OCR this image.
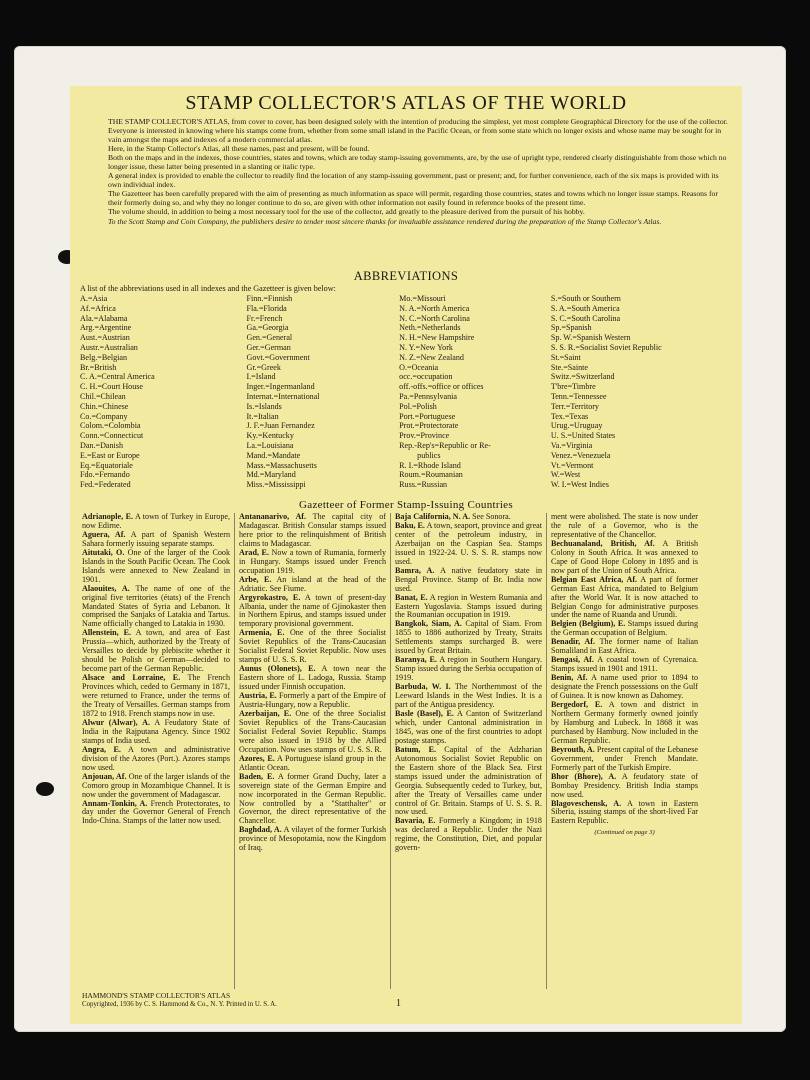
STAMP COLLECTOR'S ATLAS OF THE WORLD

THE STAMP COLLECTOR'S ATLAS, from cover to cover, has been designed solely with the intention of producing the simplest, yet most complete Geographical Directory for the use of the collector.

Everyone is interested in knowing where his stamps come from, whether from some small island in the Pacific Ocean, or from some state which no longer exists and whose name may be sought for in vain amongst the maps and indexes of a modern commercial atlas.

Here, in the Stamp Collector's Atlas, all these names, past and present, will be found.

Both on the maps and in the indexes, those countries, states and towns, which are today stamp-issuing governments, are, by the use of upright type, rendered clearly distinguishable from those which no longer issue, these latter being presented in a slanting or italic type.

A general index is provided to enable the collector to readily find the location of any stamp-issuing government, past or present; and, for further convenience, each of the six maps is provided with its own individual index.

The Gazetteer has been carefully prepared with the aim of presenting as much information as space will permit, regarding those countries, states and towns which no longer issue stamps. Reasons for their formerly doing so, and why they no longer continue to do so, are given with other information not easily found in reference books of the present time.

The volume should, in addition to being a most necessary tool for the use of the collector, add greatly to the pleasure derived from the pursuit of his hobby.

To the Scott Stamp and Coin Company, the publishers desire to tender most sincere thanks for invaluable assistance rendered during the preparation of the Stamp Collector's Atlas.

ABBREVIATIONS
A list of the abbreviations used in all indexes and the Gazetteer is given below:
A.=Asia
Af.=Africa
Ala.=Alabama
Arg.=Argentine
Aust.=Austrian
Austr.=Australian
Belg.=Belgian
Br.=British
C. A.=Central America
C. H.=Court House
Chil.=Chilean
Chin.=Chinese
Co.=Company
Colom.=Colombia
Conn.=Connecticut
Dan.=Danish
E.=East or Europe
Eq.=Equatoriale
Fdo.=Fernando
Fed.=Federated
Finn.=Finnish
Fla.=Florida
Fr.=French
Ga.=Georgia
Gen.=General
Ger.=German
Govt.=Government
Gr.=Greek
I.=Island
Inger.=Ingermanland
Internat.=International
Is.=Islands
It.=Italian
J. F.=Juan Fernandez
Ky.=Kentucky
La.=Louisiana
Mand.=Mandate
Mass.=Massachusetts
Md.=Maryland
Miss.=Mississippi
Mo.=Missouri
N. A.=North America
N. C.=North Carolina
Neth.=Netherlands
N. H.=New Hampshire
N. Y.=New York
N. Z.=New Zealand
O.=Oceania
occ.=occupation
off.-offs.=office or offices
Pa.=Pennsylvania
Pol.=Polish
Port.=Portuguese
Prot.=Protectorate
Prov.=Province
Rep.-Rep's=Republic or Re-
publics
R. I.=Rhode Island
Roum.=Roumanian
Russ.=Russian
S.=South or Southern
S. A.=South America
S. C.=South Carolina
Sp.=Spanish
Sp. W.=Spanish Western
S. S. R.=Socialist Soviet Republic
St.=Saint
Ste.=Sainte
Switz.=Switzerland
T'bre=Timbre
Tenn.=Tennessee
Terr.=Territory
Tex.=Texas
Urug.=Uruguay
U. S.=United States
Va.=Virginia
Venez.=Venezuela
Vt.=Vermont
W.=West
W. I.=West Indies
Gazetteer of Former Stamp-Issuing Countries

Adrianople, E. A town of Turkey in Europe, now Edirne.

Aguera, Af. A part of Spanish Western Sahara formerly issuing separate stamps.

Aitutaki, O. One of the larger of the Cook Islands in the South Pacific Ocean. The Cook Islands were annexed to New Zealand in 1901.

Alaouites, A. The name of one of the original five territories (états) of the French Mandated States of Syria and Lebanon. It comprised the Sanjaks of Latakia and Tartus. Name officially changed to Latakia in 1930.

Allenstein, E. A town, and area of East Prussia—which, authorized by the Treaty of Versailles to decide by plebiscite whether it should be Polish or German—decided to become part of the German Republic.

Alsace and Lorraine, E. The French Provinces which, ceded to Germany in 1871, were returned to France, under the terms of the Treaty of Versailles. German stamps from 1872 to 1918. French stamps now in use.

Alwur (Alwar), A. A Feudatory State of India in the Rajputana Agency. Since 1902 stamps of India used.

Angra, E. A town and administrative division of the Azores (Port.). Azores stamps now used.

Anjouan, Af. One of the larger islands of the Comoro group in Mozambique Channel. It is now under the government of Madagascar.

Annam-Tonkin, A. French Protectorates, to day under the Governor General of French Indo-China. Stamps of the latter now used.

Antananarivo, Af. The capital city of Madagascar. British Consular stamps issued here prior to the relinquishment of British claims to Madagascar.

Arad, E. Now a town of Rumania, formerly in Hungary. Stamps issued under French occupation 1919.

Arbe, E. An island at the head of the Adriatic. See Fiume.

Argyrokastro, E. A town of present-day Albania, under the name of Gjinokaster then in Northern Epirus, and stamps issued under temporary provisional government.

Armenia, E. One of the three Socialist Soviet Republics of the Trans-Caucasian Socialist Federal Soviet Republic. Now uses stamps of U. S. S. R.

Aunus (Olonets), E. A town near the Eastern shore of L. Ladoga, Russia. Stamp issued under Finnish occupation.

Austria, E. Formerly a part of the Empire of Austria-Hungary, now a Republic.

Azerbaijan, E. One of the three Socialist Soviet Republics of the Trans-Caucasian Socialist Federal Soviet Republic. Stamps were also issued in 1918 by the Allied Occupation. Now uses stamps of U. S. S. R.

Azores, E. A Portuguese island group in the Atlantic Ocean.

Baden, E. A former Grand Duchy, later a sovereign state of the German Empire and now incorporated in the German Republic. Now controlled by a "Statthalter" or Governor, the direct representative of the Chancellor.

Baghdad, A. A vilayet of the former Turkish province of Mesopotamia, now the Kingdom of Iraq.

Baja California, N. A. See Sonora.

Baku, E. A town, seaport, province and great center of the petroleum industry, in Azerbaijan on the Caspian Sea. Stamps issued in 1922-24. U. S. S. R. stamps now used.

Bamra, A. A native feudatory state in Bengal Province. Stamp of Br. India now used.

Banat, E. A region in Western Rumania and Eastern Yugoslavia. Stamps issued during the Roumanian occupation in 1919.

Bangkok, Siam, A. Capital of Siam. From 1855 to 1886 authorized by Treaty, Straits Settlements stamps surcharged B. were issued by Great Britain.

Baranya, E. A region in Southern Hungary. Stamp issued during the Serbia occupation of 1919.

Barbuda, W. I. The Northernmost of the Leeward Islands in the West Indies. It is a part of the Antigua presidency.

Basle (Basel), E. A Canton of Switzerland which, under Cantonal administration in 1845, was one of the first countries to adopt postage stamps.

Batum, E. Capital of the Adzharian Autonomous Socialist Soviet Republic on the Eastern shore of the Black Sea. First stamps issued under the administration of Georgia. Subsequently ceded to Turkey, but, after the Treaty of Versailles came under control of Gr. Britain. Stamps of U. S. S. R. now used.

Bavaria, E. Formerly a Kingdom; in 1918 was declared a Republic. Under the Nazi regime, the Constitution, Diet, and popular govern-

ment were abolished. The state is now under the rule of a Governor, who is the representative of the Chancellor.

Bechuanaland, British, Af. A British Colony in South Africa. It was annexed to Cape of Good Hope Colony in 1895 and is now part of the Union of South Africa.

Belgian East Africa, Af. A part of former German East Africa, mandated to Belgium after the World War. It is now attached to Belgian Congo for administrative purposes under the name of Ruanda and Urundi.

Belgien (Belgium), E. Stamps issued during the German occupation of Belgium.

Benadir, Af. The former name of Italian Somaliland in East Africa.

Bengasi, Af. A coastal town of Cyrenaica. Stamps issued in 1901 and 1911.

Benin, Af. A name used prior to 1894 to designate the French possessions on the Gulf of Guinea. It is now known as Dahomey.

Bergedorf, E. A town and district in Northern Germany formerly owned jointly by Hamburg and Lubeck. In 1868 it was purchased by Hamburg. Now included in the German Republic.

Beyrouth, A. Present capital of the Lebanese Government, under French Mandate. Formerly part of the Turkish Empire.

Bhor (Bhore), A. A feudatory state of Bombay Presidency. British India stamps now used.

Blagoveschensk, A. A town in Eastern Siberia, issuing stamps of the short-lived Far Eastern Republic.

(Continued on page 3)
HAMMOND'S STAMP COLLECTOR'S ATLAS
Copyrighted, 1936 by C. S. Hammond & Co., N. Y. Printed in U. S. A.	1
